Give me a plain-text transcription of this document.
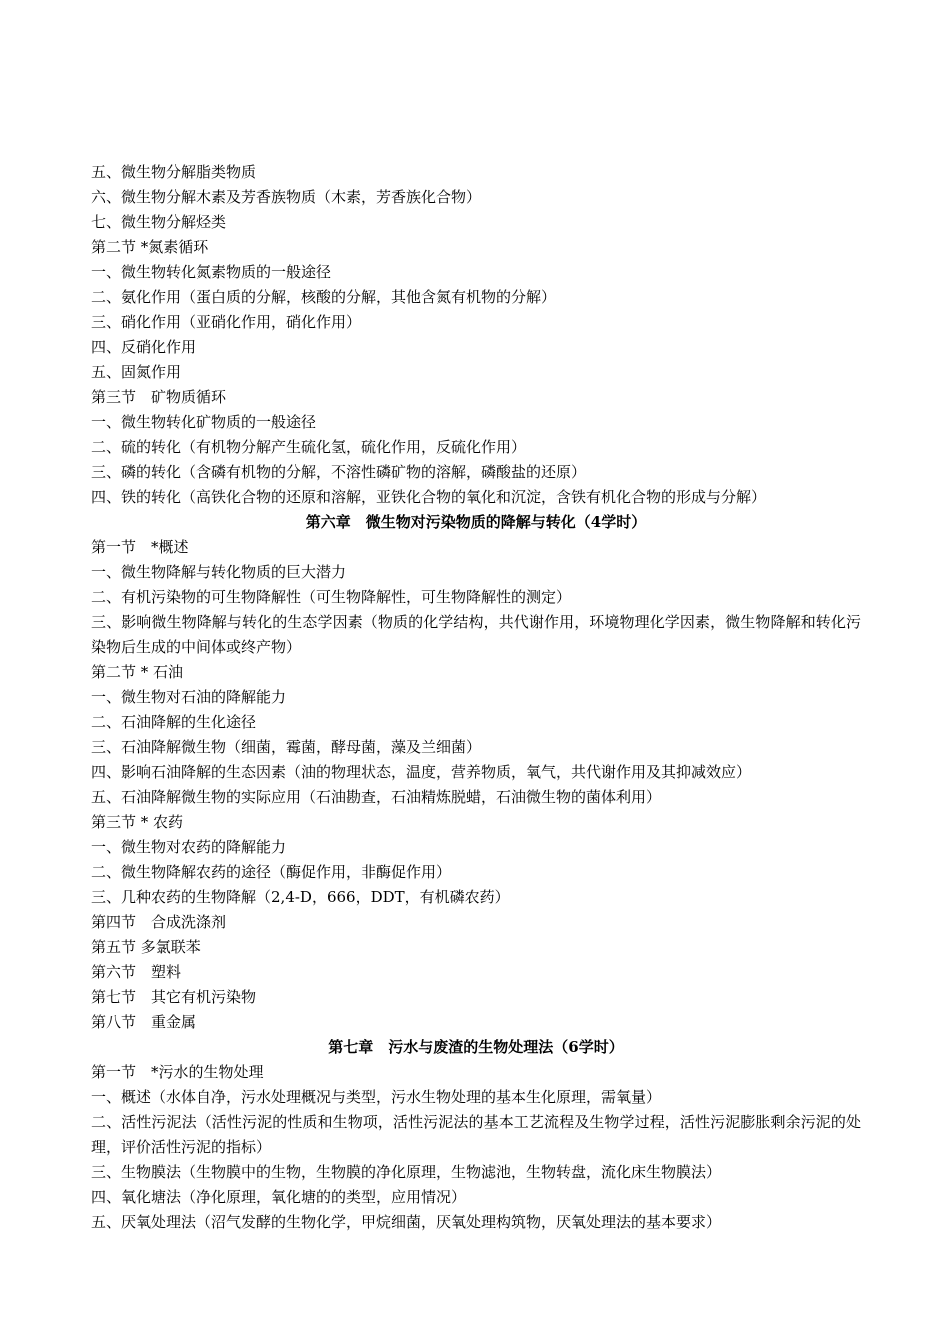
五、微生物分解脂类物质
六、微生物分解木素及芳香族物质（木素，芳香族化合物）
七、微生物分解烃类
第二节 *氮素循环
一、微生物转化氮素物质的一般途径
二、氨化作用（蛋白质的分解，核酸的分解，其他含氮有机物的分解）
三、硝化作用（亚硝化作用，硝化作用）
四、反硝化作用
五、固氮作用
第三节　矿物质循环
一、微生物转化矿物质的一般途径
二、硫的转化（有机物分解产生硫化氢，硫化作用，反硫化作用）
三、磷的转化（含磷有机物的分解，不溶性磷矿物的溶解，磷酸盐的还原）
四、铁的转化（高铁化合物的还原和溶解，亚铁化合物的氧化和沉淀，含铁有机化合物的形成与分解）
第六章　微生物对污染物质的降解与转化（4学时）
第一节　*概述
一、微生物降解与转化物质的巨大潜力
二、有机污染物的可生物降解性（可生物降解性，可生物降解性的测定）
三、影响微生物降解与转化的生态学因素（物质的化学结构，共代谢作用，环境物理化学因素，微生物降解和转化污染物后生成的中间体或终产物）
第二节 * 石油
一、微生物对石油的降解能力
二、石油降解的生化途径
三、石油降解微生物（细菌，霉菌，酵母菌，藻及兰细菌）
四、影响石油降解的生态因素（油的物理状态，温度，营养物质，氧气，共代谢作用及其抑减效应）
五、石油降解微生物的实际应用（石油勘查，石油精炼脱蜡，石油微生物的菌体利用）
第三节 * 农药
一、微生物对农药的降解能力
二、微生物降解农药的途径（酶促作用，非酶促作用）
三、几种农药的生物降解（2,4-D，666，DDT，有机磷农药）
第四节　合成洗涤剂
第五节 多氯联苯
第六节　塑料
第七节　其它有机污染物
第八节　重金属
第七章　污水与废渣的生物处理法（6学时）
第一节　*污水的生物处理
一、概述（水体自净，污水处理概况与类型，污水生物处理的基本生化原理，需氧量）
二、活性污泥法（活性污泥的性质和生物项，活性污泥法的基本工艺流程及生物学过程，活性污泥膨胀剩余污泥的处理，评价活性污泥的指标）
三、生物膜法（生物膜中的生物，生物膜的净化原理，生物滤池，生物转盘，流化床生物膜法）
四、氧化塘法（净化原理，氧化塘的的类型，应用情况）
五、厌氧处理法（沼气发酵的生物化学，甲烷细菌，厌氧处理构筑物，厌氧处理法的基本要求）
